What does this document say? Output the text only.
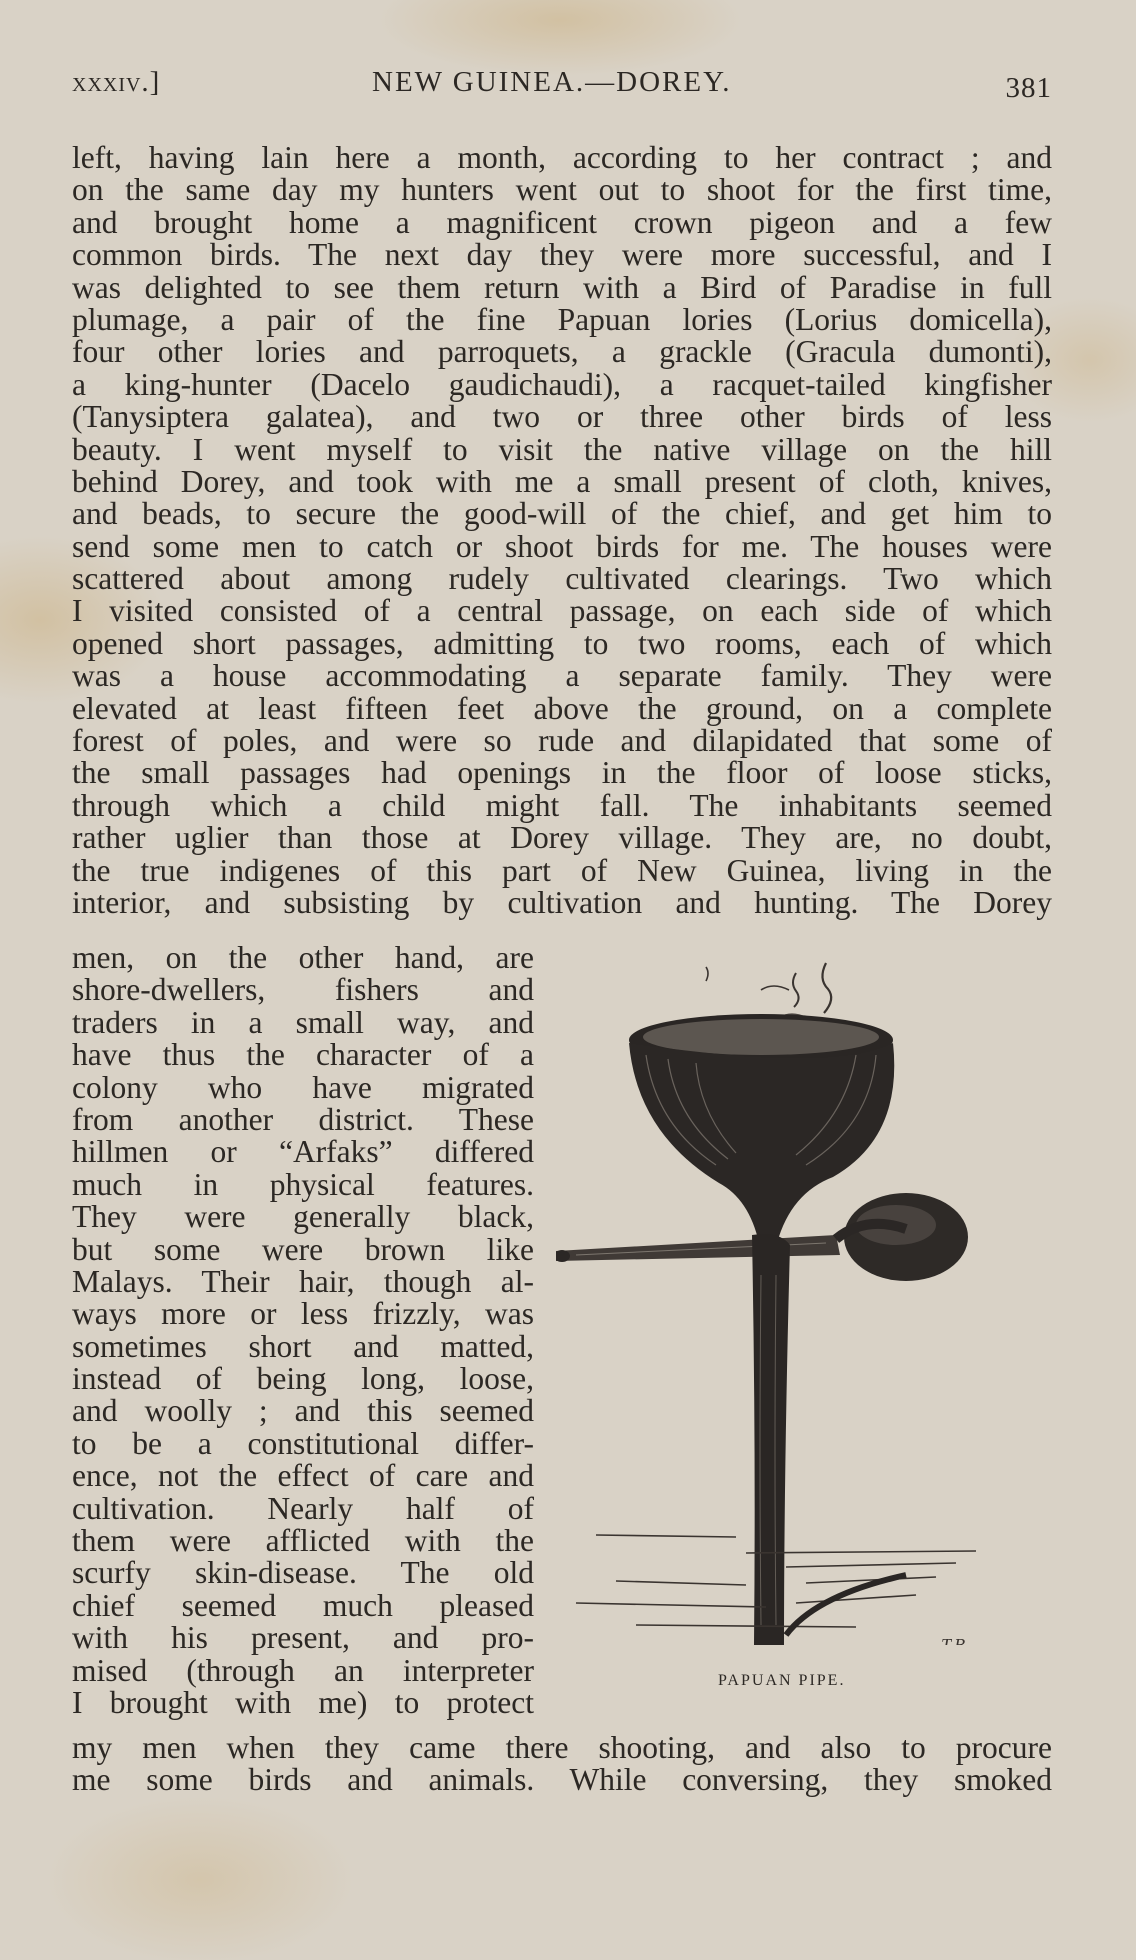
xxxiv.]	NEW GUINEA.—DOREY.	381
left, having lain here a month, according to her contract ; and
on the same day my hunters went out to shoot for the first time,
and brought home a magnificent crown pigeon and a few
common birds. The next day they were more successful, and I
was delighted to see them return with a Bird of Paradise in full
plumage, a pair of the fine Papuan lories (Lorius domicella),
four other lories and parroquets, a grackle (Gracula dumonti),
a king-hunter (Dacelo gaudichaudi), a racquet-tailed kingfisher
(Tanysiptera galatea), and two or three other birds of less
beauty. I went myself to visit the native village on the hill
behind Dorey, and took with me a small present of cloth, knives,
and beads, to secure the good-will of the chief, and get him to
send some men to catch or shoot birds for me. The houses were
scattered about among rudely cultivated clearings. Two which
I visited consisted of a central passage, on each side of which
opened short passages, admitting to two rooms, each of which
was a house accommodating a separate family. They were
elevated at least fifteen feet above the ground, on a complete
forest of poles, and were so rude and dilapidated that some of
the small passages had openings in the floor of loose sticks,
through which a child might fall. The inhabitants seemed
rather uglier than those at Dorey village. They are, no doubt,
the true indigenes of this part of New Guinea, living in the
interior, and subsisting by cultivation and hunting. The Dorey
men, on the other hand, are
shore-dwellers, fishers and
traders in a small way, and
have thus the character of a
colony who have migrated
from another district. These
hillmen or “Arfaks” differed
much in physical features.
They were generally black,
but some were brown like
Malays. Their hair, though al-
ways more or less frizzly, was
sometimes short and matted,
instead of being long, loose,
and woolly ; and this seemed
to be a constitutional differ-
ence, not the effect of care and
cultivation. Nearly half of
them were afflicted with the
scurfy skin-disease. The old
chief seemed much pleased
with his present, and pro-
mised (through an interpreter
I brought with me) to protect
T.B.
PAPUAN PIPE.
my men when they came there shooting, and also to procure
me some birds and animals. While conversing, they smoked
